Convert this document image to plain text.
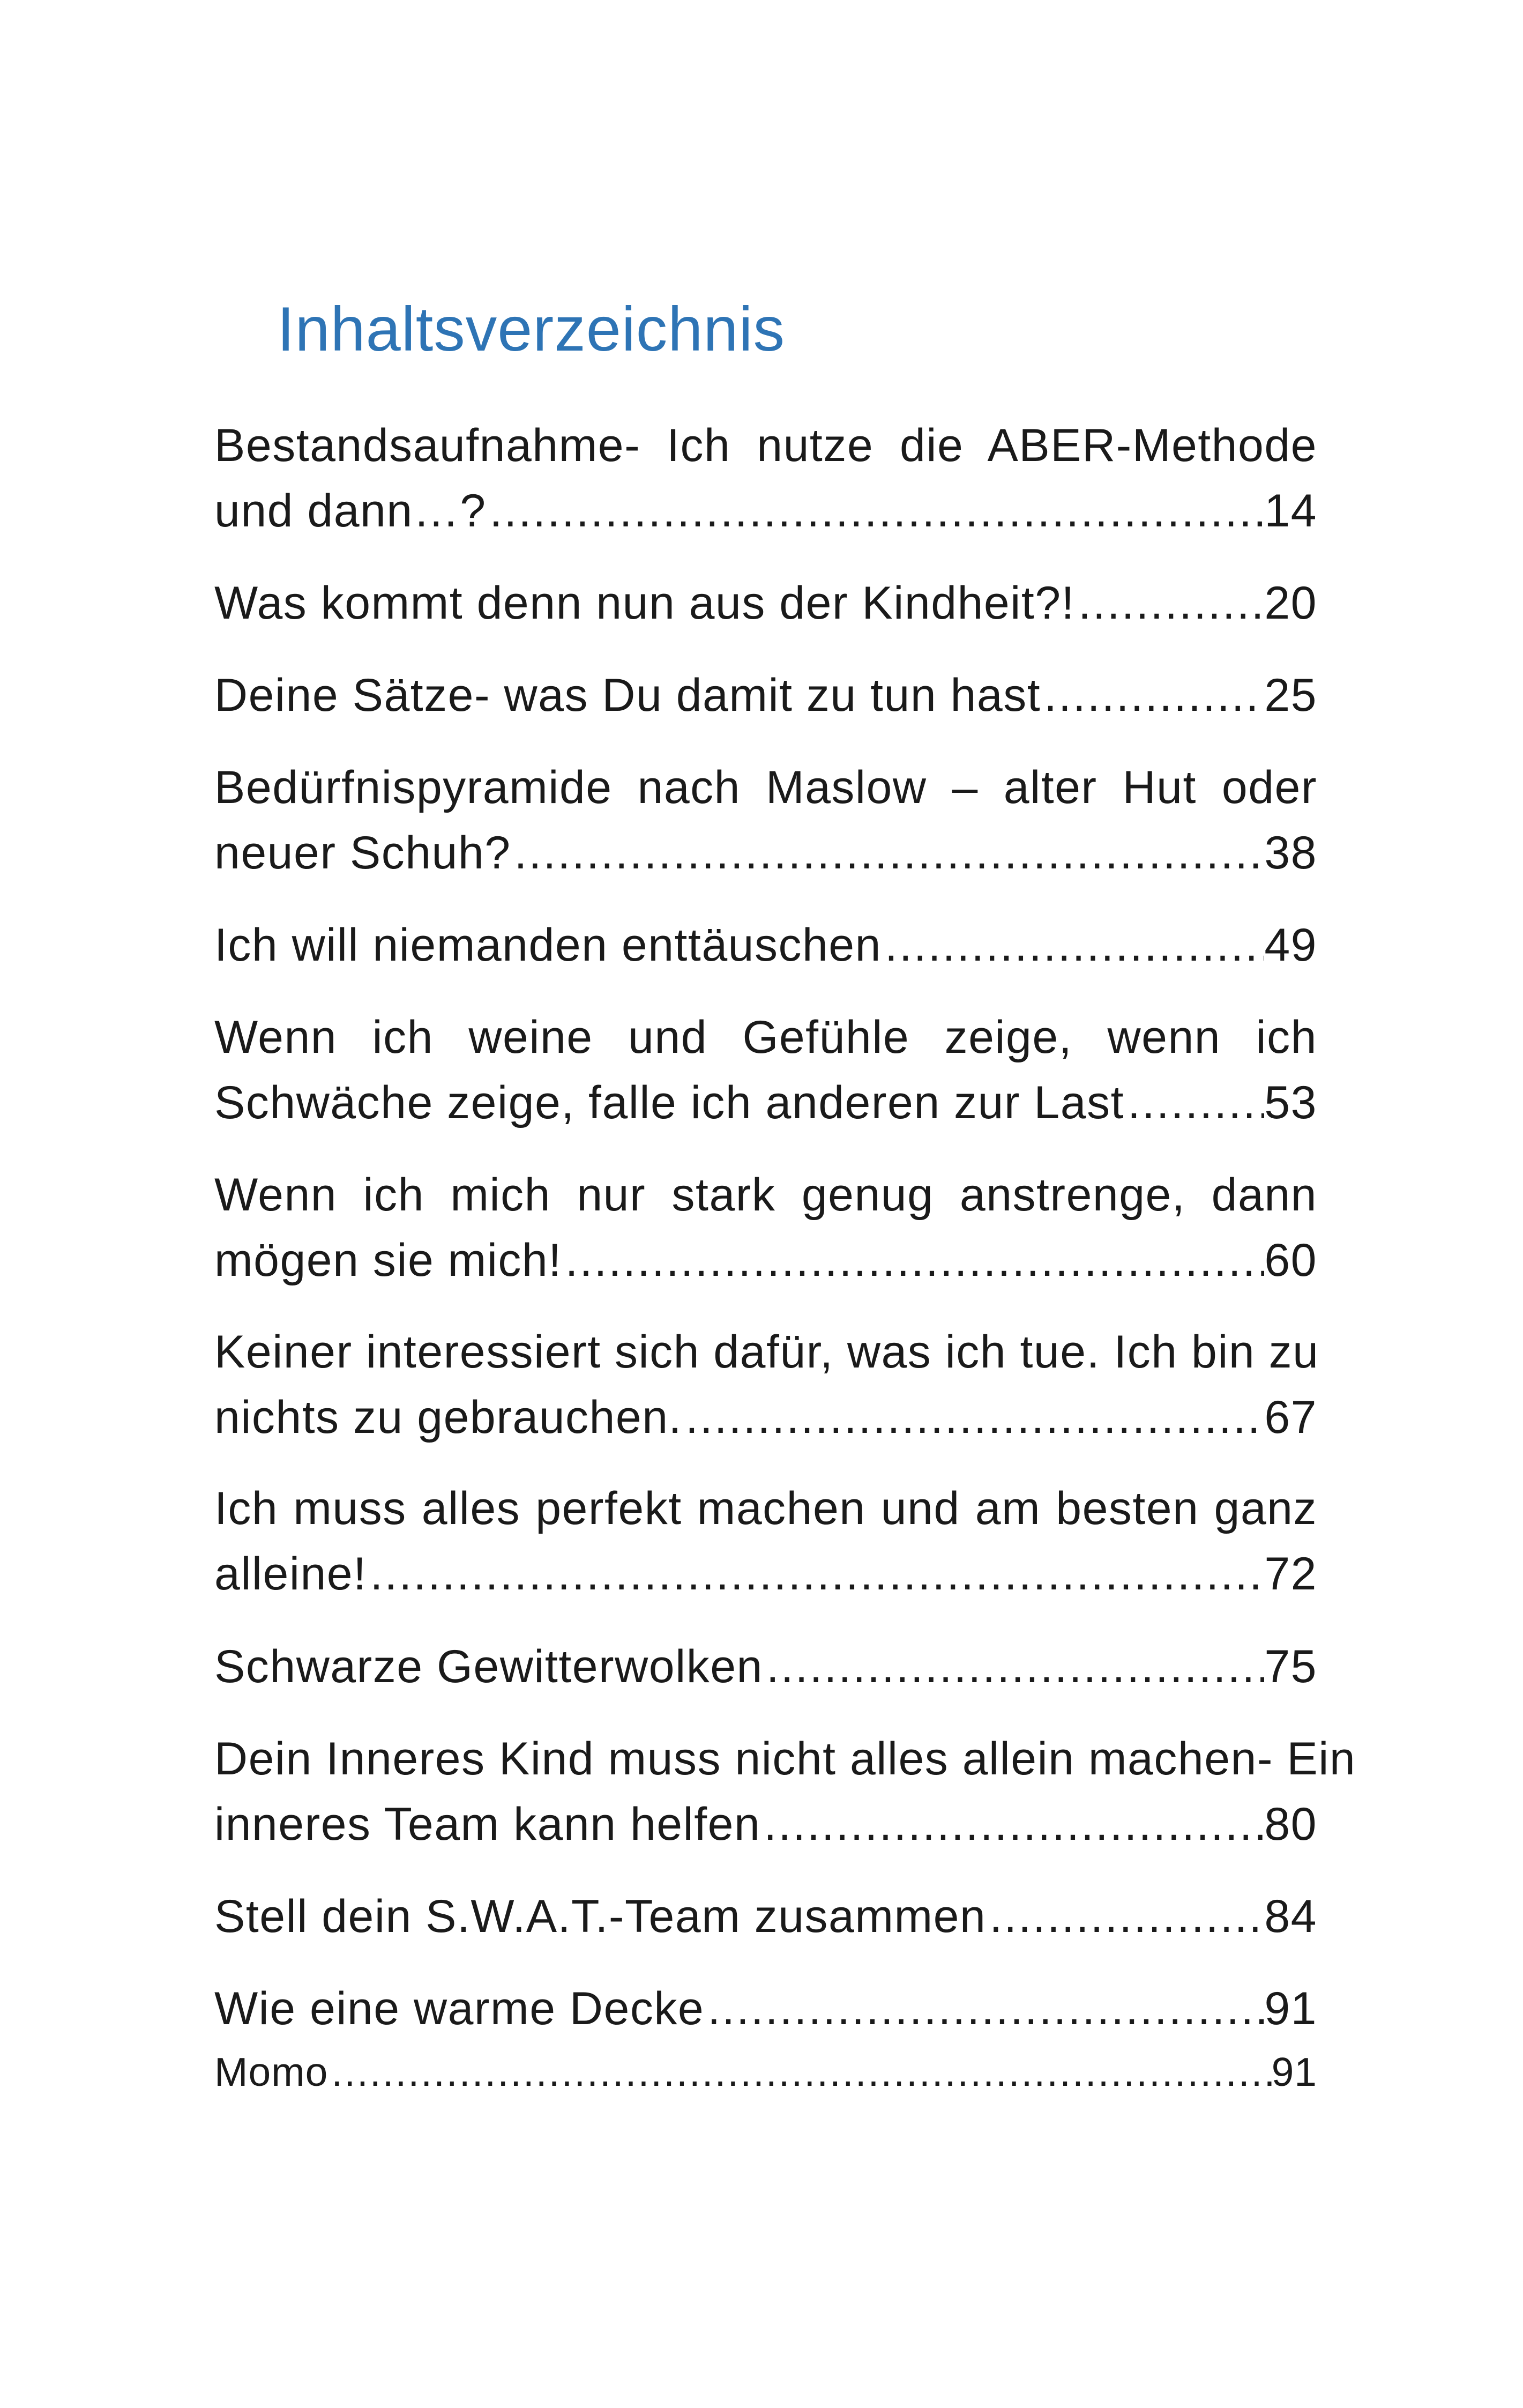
Inhaltsverzeichnis
Bestandsaufnahme- Ich nutze die ABER-Methode
und dann…? .....	14
Was kommt denn nun aus der Kindheit?! .....	20
Deine Sätze- was Du damit zu tun hast .....	25
Bedürfnispyramide nach Maslow – alter Hut oder
neuer Schuh? .....	38
Ich will niemanden enttäuschen .....	49
Wenn ich weine und Gefühle zeige, wenn ich
Schwäche zeige, falle ich anderen zur Last .....	53
Wenn ich mich nur stark genug anstrenge, dann
mögen sie mich! .....	60
Keiner interessiert sich dafür, was ich tue. Ich bin zu
nichts zu gebrauchen. .....	67
Ich muss alles perfekt machen und am besten ganz
alleine! .....	72
Schwarze Gewitterwolken .....	75
Dein Inneres Kind muss nicht alles allein machen- Ein
inneres Team kann helfen .....	80
Stell dein S.W.A.T.-Team zusammen .....	84
Wie eine warme Decke .....	91
Momo .....	91
